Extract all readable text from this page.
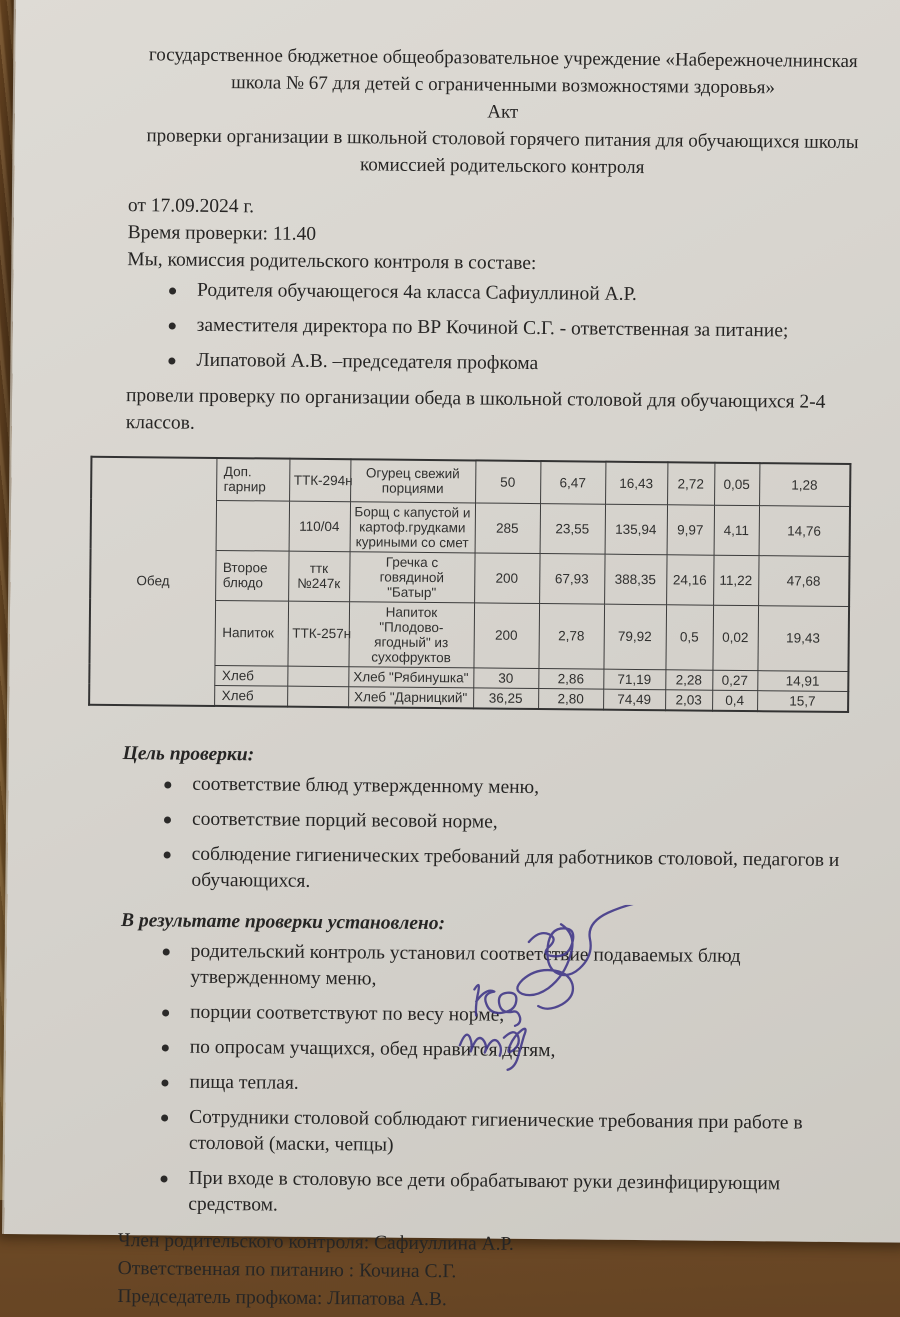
государственное бюджетное общеобразовательное учреждение «Набережночелнинская
школа № 67 для детей с ограниченными возможностями здоровья»
Акт
проверки организации в школьной столовой горячего питания для обучающихся школы
комиссией родительского контроля
от 17.09.2024 г.
Время проверки: 11.40
Мы, комиссия родительского контроля в составе:
Родителя обучающегося 4а класса Сафиуллиной А.Р.
заместителя директора по ВР Кочиной С.Г. - ответственная за питание;
Липатовой А.В. –председателя профкома
провели проверку по организации обеда в школьной столовой для обучающихся 2-4 классов.
Обед	Доп. гарнир	ТТК-294н	Огурец свежий порциями	50	6,47	16,43	2,72	0,05	1,28
		110/04	Борщ с капустой и картоф.грудками куриными со смет	285	23,55	135,94	9,97	4,11	14,76
	Второе блюдо	ттк №247к	Гречка с говядиной "Батыр"	200	67,93	388,35	24,16	11,22	47,68
	Напиток	ТТК-257н	Напиток "Плодово-ягодный" из сухофруктов	200	2,78	79,92	0,5	0,02	19,43
	Хлеб		Хлеб "Рябинушка"	30	2,86	71,19	2,28	0,27	14,91
	Хлеб		Хлеб "Дарницкий"	36,25	2,80	74,49	2,03	0,4	15,7
Цель проверки:
соответствие блюд утвержденному меню,
соответствие порций весовой норме,
соблюдение гигиенических требований для работников столовой, педагогов и обучающихся.
В результате проверки установлено:
родительский контроль установил соответствие подаваемых блюд утвержденному меню,
порции соответствуют по весу норме,
по опросам учащихся, обед нравится детям,
пища теплая.
Сотрудники столовой соблюдают гигиенические требования при работе в столовой (маски, чепцы)
При входе в столовую все дети обрабатывают руки дезинфицирующим средством.
Член родительского контроля: Сафиуллина А.Р.
Ответственная по питанию : Кочина С.Г.
Председатель профкома: Липатова А.В.
